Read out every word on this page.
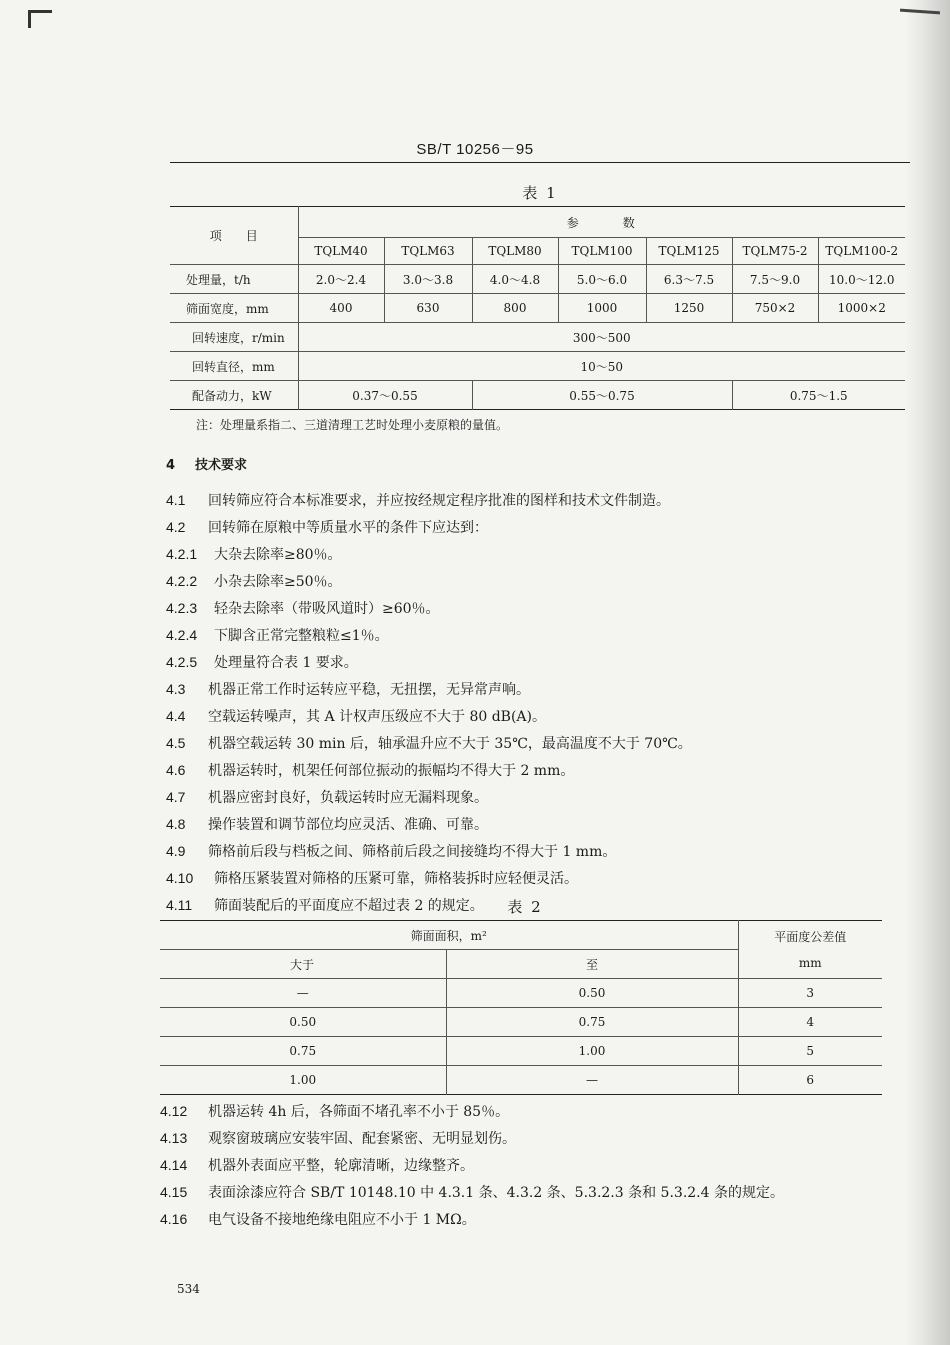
SB/T 10256－95
表 1
项　　目	参　　　数						
	TQLM40	TQLM63	TQLM80	TQLM100	TQLM125	TQLM75-2	TQLM100-2
处理量，t/h	2.0～2.4	3.0～3.8	4.0～4.8	5.0～6.0	6.3～7.5	7.5～9.0	10.0～12.0
筛面宽度，mm	400	630	800	1000	1250	750×2	1000×2
回转速度，r/min	300～500						
回转直径，mm	10～50						
配备动力，kW	0.37～0.55		0.55～0.75			0.75～1.5	
注：处理量系指二、三道清理工艺时处理小麦原粮的量值。
4 技术要求
4.1 回转筛应符合本标准要求，并应按经规定程序批准的图样和技术文件制造。
4.2 回转筛在原粮中等质量水平的条件下应达到：
4.2.1 大杂去除率≥80％。
4.2.2 小杂去除率≥50％。
4.2.3 轻杂去除率（带吸风道时）≥60％。
4.2.4 下脚含正常完整粮粒≤1％。
4.2.5 处理量符合表 1 要求。
4.3 机器正常工作时运转应平稳，无扭摆，无异常声响。
4.4 空载运转噪声，其 A 计权声压级应不大于 80 dB(A)。
4.5 机器空载运转 30 min 后，轴承温升应不大于 35℃，最高温度不大于 70℃。
4.6 机器运转时，机架任何部位振动的振幅均不得大于 2 mm。
4.7 机器应密封良好，负载运转时应无漏料现象。
4.8 操作装置和调节部位均应灵活、准确、可靠。
4.9 筛格前后段与档板之间、筛格前后段之间接缝均不得大于 1 mm。
4.10 筛格压紧装置对筛格的压紧可靠，筛格装拆时应轻便灵活。
4.11 筛面装配后的平面度应不超过表 2 的规定。	表 2
筛面面积，m²		平面度公差值
mm

大于	至	
—	0.50	3
0.50	0.75	4
0.75	1.00	5
1.00	—	6
4.12 机器运转 4h 后，各筛面不堵孔率不小于 85％。
4.13 观察窗玻璃应安装牢固、配套紧密、无明显划伤。
4.14 机器外表面应平整，轮廓清晰，边缘整齐。
4.15 表面涂漆应符合 SB/T 10148.10 中 4.3.1 条、4.3.2 条、5.3.2.3 条和 5.3.2.4 条的规定。
4.16 电气设备不接地绝缘电阻应不小于 1 MΩ。
534
